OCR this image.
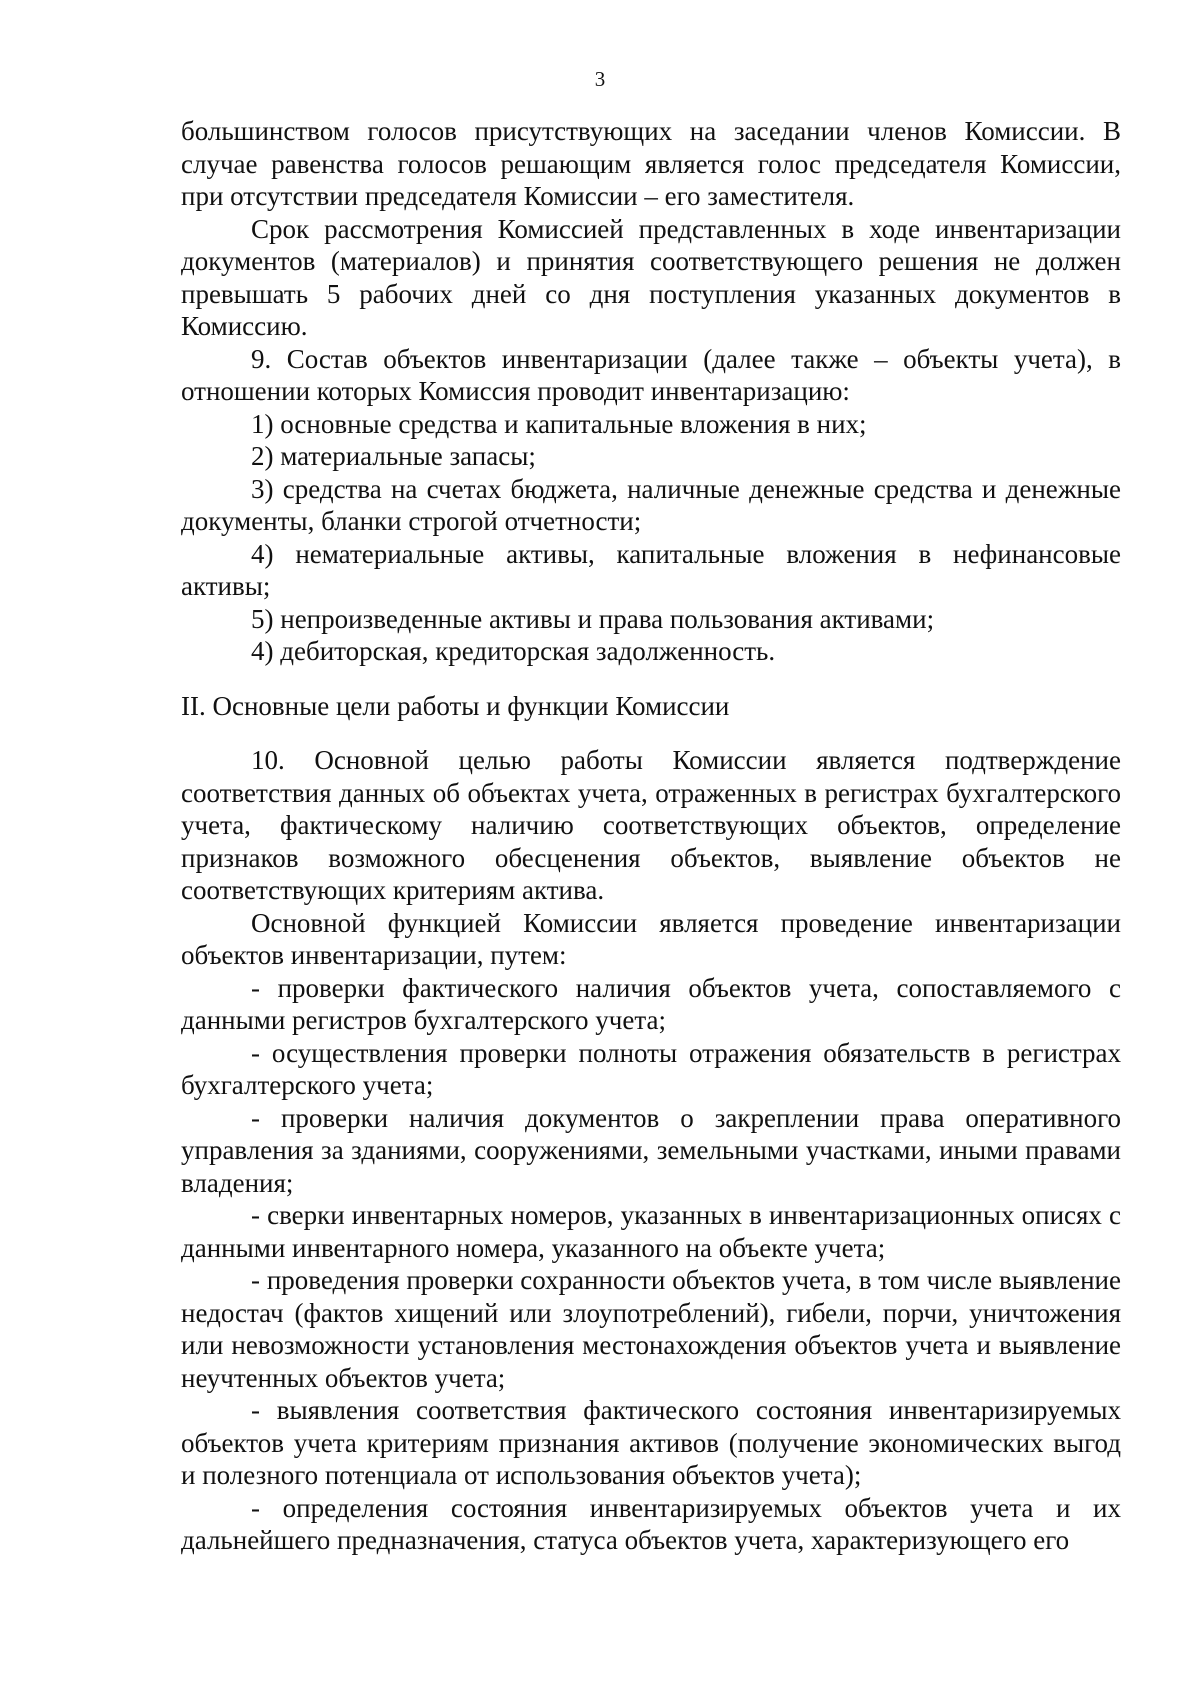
3

большинством голосов присутствующих на заседании членов Комиссии. В случае равенства голосов решающим является голос председателя Комиссии, при отсутствии председателя Комиссии – его заместителя.

Срок рассмотрения Комиссией представленных в ходе инвентаризации документов (материалов) и принятия соответствующего решения не должен превышать 5 рабочих дней со дня поступления указанных документов в Комиссию.

9. Состав объектов инвентаризации (далее также – объекты учета), в отношении которых Комиссия проводит инвентаризацию:

1) основные средства и капитальные вложения в них;

2) материальные запасы;

3) средства на счетах бюджета, наличные денежные средства и денежные документы, бланки строгой отчетности;

4) нематериальные активы, капитальные вложения в нефинансовые активы;

5) непроизведенные активы и права пользования активами;

4) дебиторская, кредиторская задолженность.

II. Основные цели работы и функции Комиссии

10. Основной целью работы Комиссии является подтверждение соответствия данных об объектах учета, отраженных в регистрах бухгалтерского учета, фактическому наличию соответствующих объектов, определение признаков возможного обесценения объектов, выявление объектов не соответствующих критериям актива.

Основной функцией Комиссии является проведение инвентаризации объектов инвентаризации, путем:

- проверки фактического наличия объектов учета, сопоставляемого с данными регистров бухгалтерского учета;

- осуществления проверки полноты отражения обязательств в регистрах бухгалтерского учета;

- проверки наличия документов о закреплении права оперативного управления за зданиями, сооружениями, земельными участками, иными правами владения;

- сверки инвентарных номеров, указанных в инвентаризационных описях с данными инвентарного номера, указанного на объекте учета;

- проведения проверки сохранности объектов учета, в том числе выявление недостач (фактов хищений или злоупотреблений), гибели, порчи, уничтожения или невозможности установления местонахождения объектов учета и выявление неучтенных объектов учета;

- выявления соответствия фактического состояния инвентаризируемых объектов учета критериям признания активов (получение экономических выгод и полезного потенциала от использования объектов учета);

- определения состояния инвентаризируемых объектов учета и их дальнейшего предназначения, статуса объектов учета, характеризующего его
